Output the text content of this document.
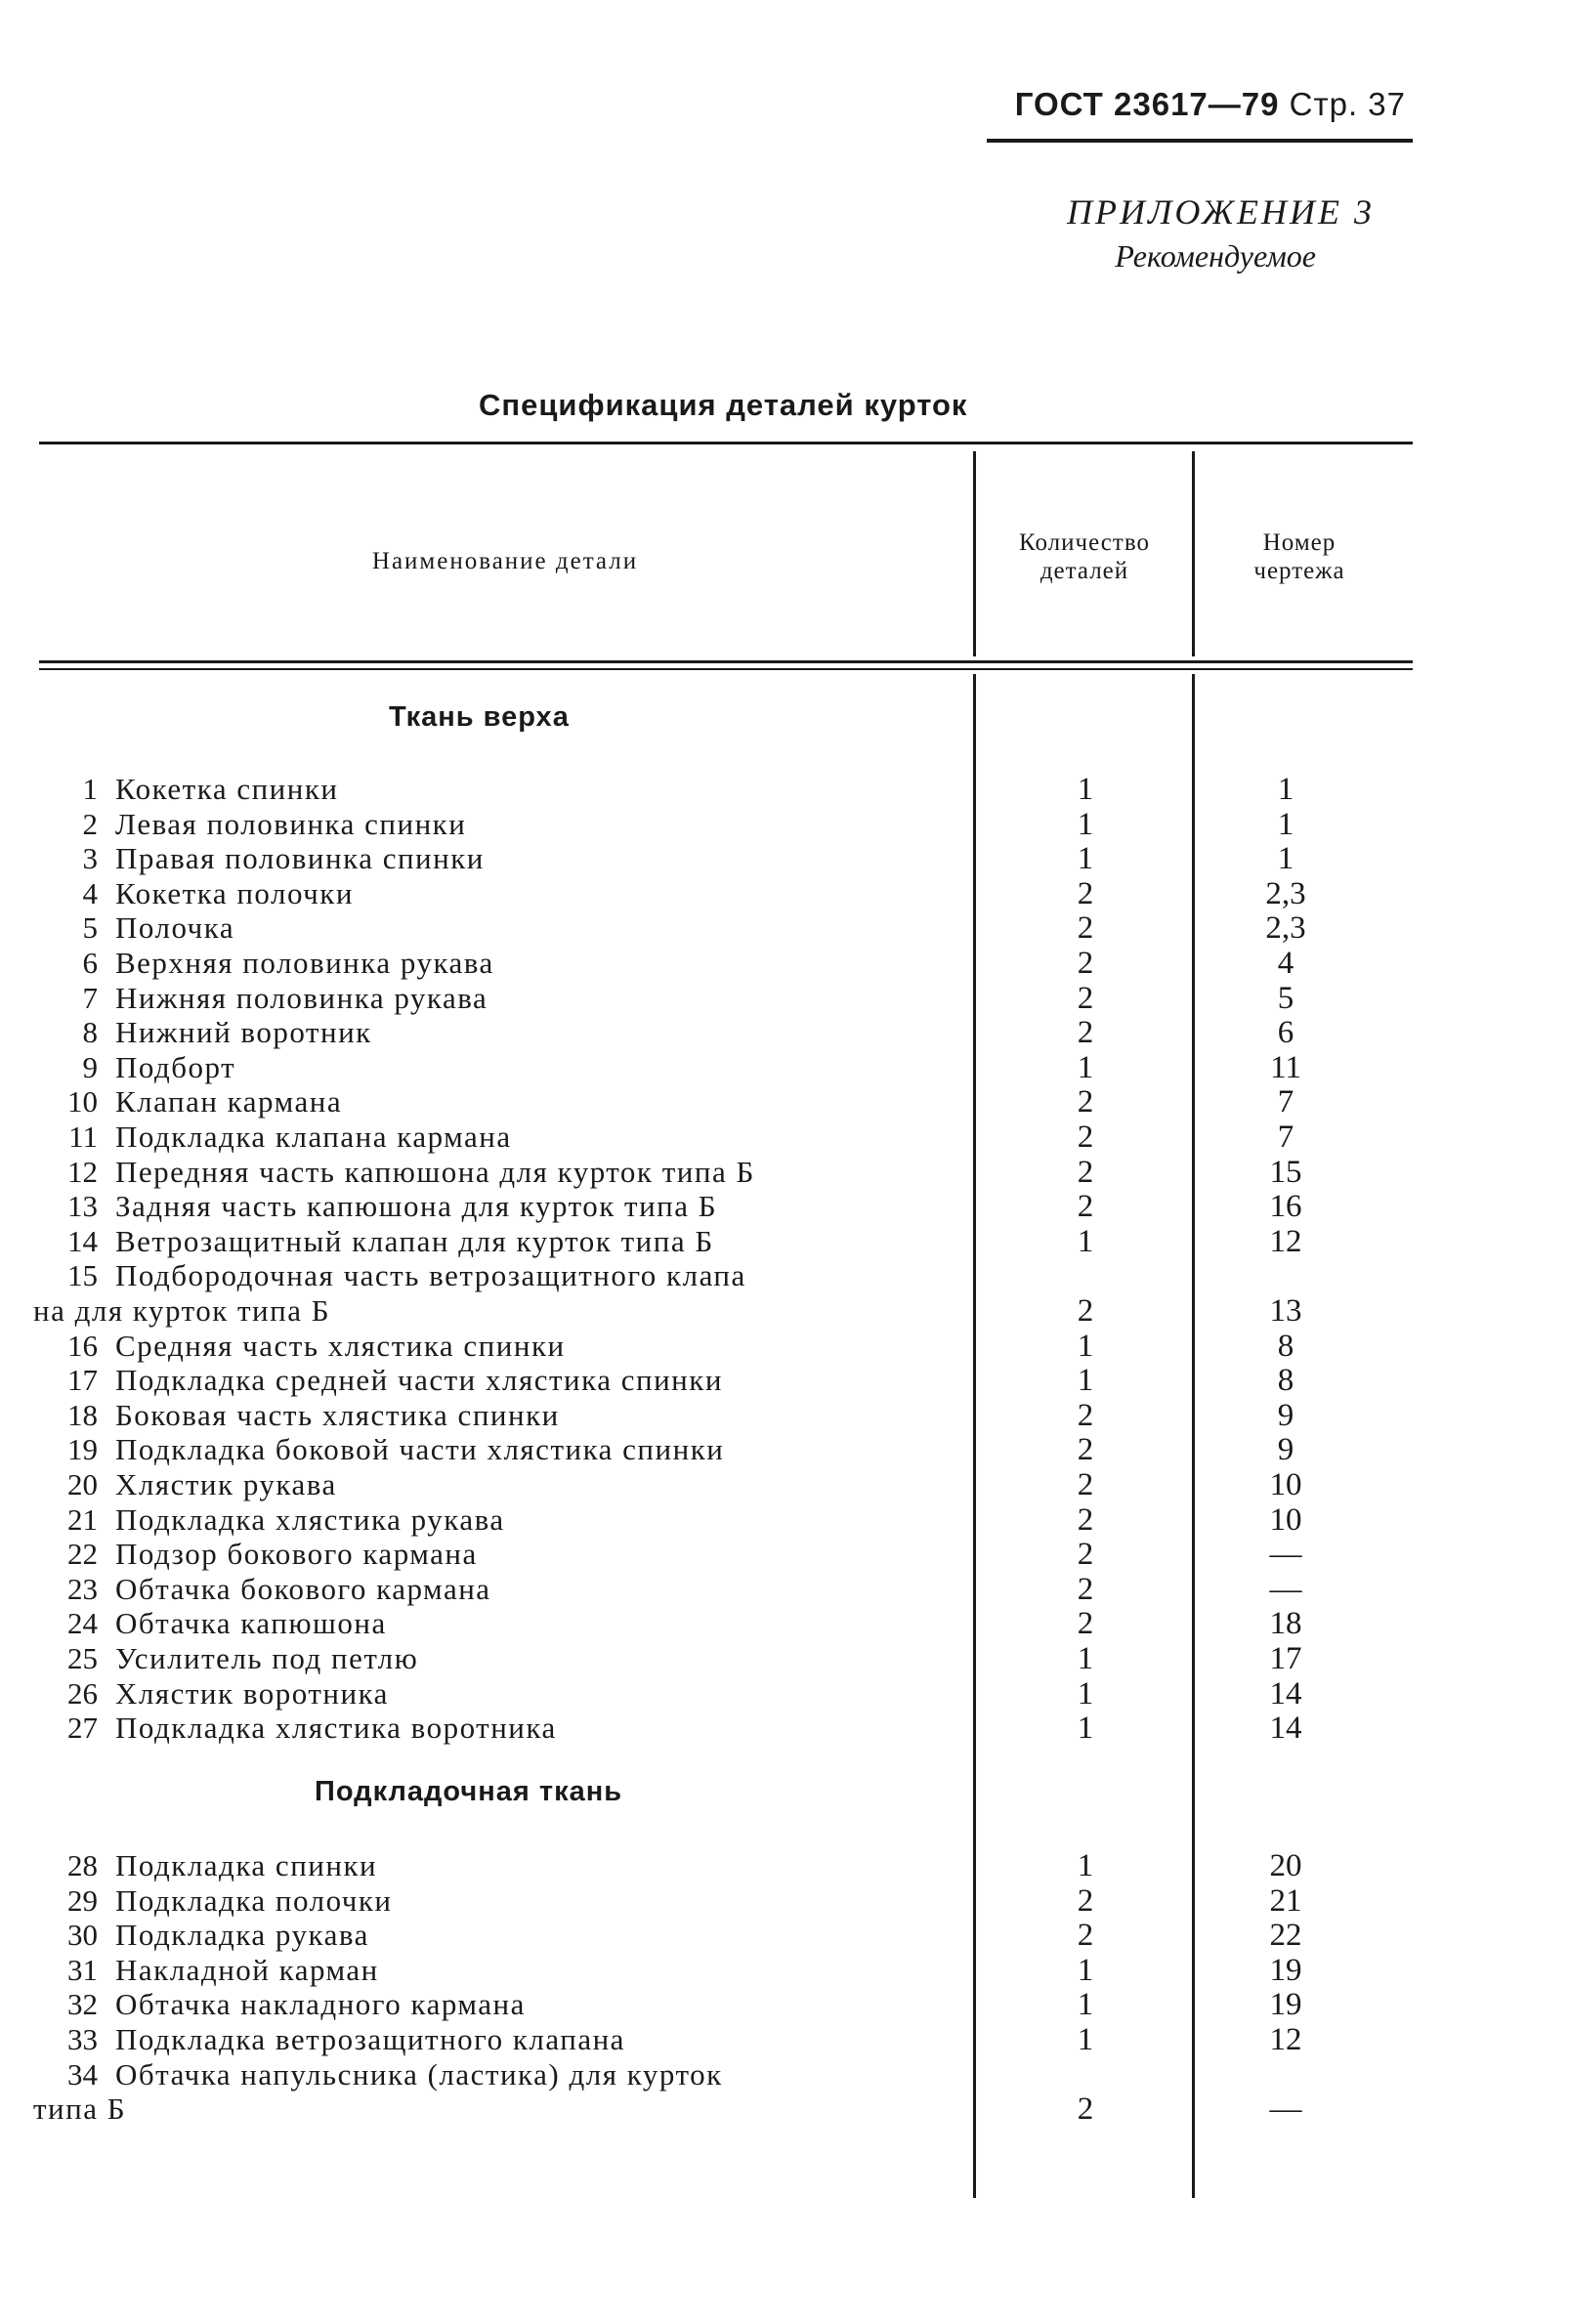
ГОСТ 23617—79 Стр. 37
ПРИЛОЖЕНИЕ 3
Рекомендуемое
Спецификация деталей курток
Наименование детали
Количество деталей
Номер чертежа
Ткань верха
1 Кокетка спинки	1	1
2 Левая половинка спинки	1	1
3 Правая половинка спинки	1	1
4 Кокетка полочки	2	2,3
5 Полочка	2	2,3
6 Верхняя половинка рукава	2	4
7 Нижняя половинка рукава	2	5
8 Нижний воротник	2	6
9 Подборт	1	11
10 Клапан кармана	2	7
11 Подкладка клапана кармана	2	7
12 Передняя часть капюшона для курток типа Б	2	15
13 Задняя часть капюшона для курток типа Б	2	16
14 Ветрозащитный клапан для курток типа Б	1	12
15 Подбородочная часть ветрозащитного клапа
на для курток типа Б	2	13
16 Средняя часть хлястика спинки	1	8
17 Подкладка средней части хлястика спинки	1	8
18 Боковая часть хлястика спинки	2	9
19 Подкладка боковой части хлястика спинки	2	9
20 Хлястик рукава	2	10
21 Подкладка хлястика рукава	2	10
22 Подзор бокового кармана	2	—
23 Обтачка бокового кармана	2	—
24 Обтачка капюшона	2	18
25 Усилитель под петлю	1	17
26 Хлястик воротника	1	14
27 Подкладка хлястика воротника	1	14
Подкладочная ткань
28 Подкладка спинки	1	20
29 Подкладка полочки	2	21
30 Подкладка рукава	2	22
31 Накладной карман	1	19
32 Обтачка накладного кармана	1	19
33 Подкладка ветрозащитного клапана	1	12
34 Обтачка напульсника (ластика) для курток
типа Б	2	—
